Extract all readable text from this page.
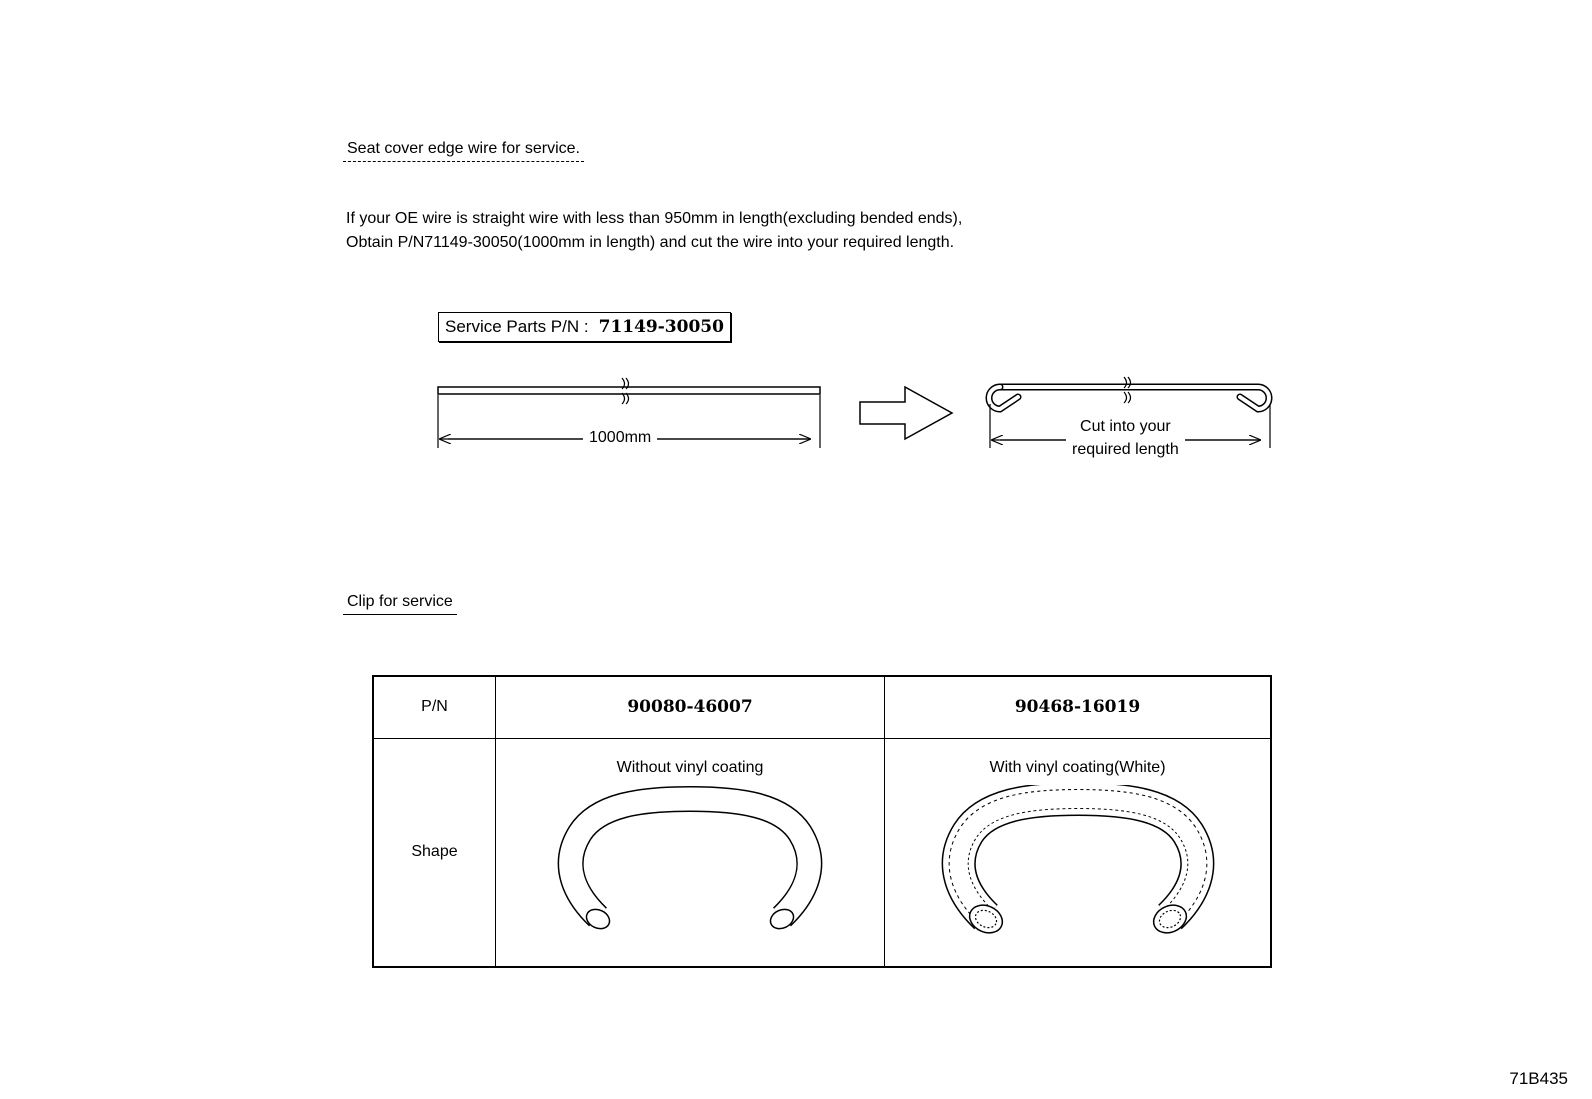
Seat cover edge wire for service.
If your OE wire is straight wire with less than 950mm in length(excluding bended ends),
Obtain P/N71149-30050(1000mm in length) and cut the wire into your required length.
Service Parts P/N : 71149-30050
1000mm
Cut into your
required length
Clip for service
P/N	90080-46007	90468-16019
Shape	Without vinyl coating	With vinyl coating(White)
71B435
